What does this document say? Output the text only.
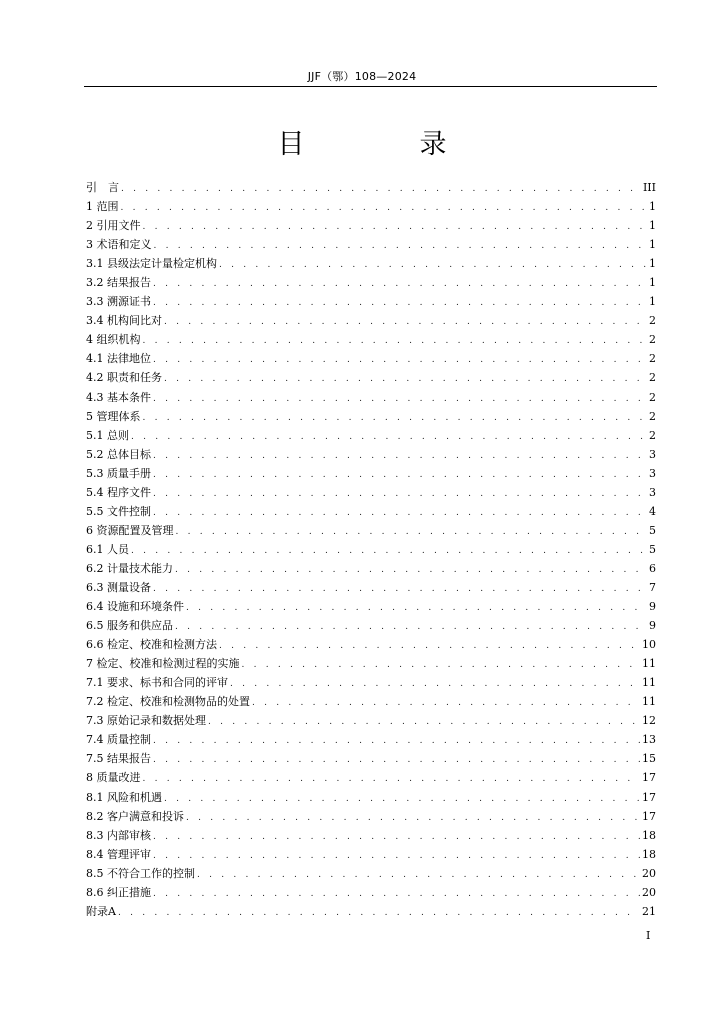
JJF（鄂）108—2024
目　录
引　言 . . .	III
1 范围 . . .	1
2 引用文件 . . .	1
3 术语和定义 . . .	1
3.1 县级法定计量检定机构 . . .	1
3.2 结果报告 . . .	1
3.3 溯源证书 . . .	1
3.4 机构间比对 . . .	2
4 组织机构 . . .	2
4.1 法律地位 . . .	2
4.2 职责和任务 . . .	2
4.3 基本条件 . . .	2
5 管理体系 . . .	2
5.1 总则 . . .	2
5.2 总体目标 . . .	3
5.3 质量手册 . . .	3
5.4 程序文件 . . .	3
5.5 文件控制 . . .	4
6 资源配置及管理 . . .	5
6.1 人员 . . .	5
6.2 计量技术能力 . . .	6
6.3 测量设备 . . .	7
6.4 设施和环境条件 . . .	9
6.5 服务和供应品 . . .	9
6.6 检定、校准和检测方法 . . .	10
7 检定、校准和检测过程的实施 . . .	11
7.1 要求、标书和合同的评审 . . .	11
7.2 检定、校准和检测物品的处置 . . .	11
7.3 原始记录和数据处理 . . .	12
7.4 质量控制 . . .	13
7.5 结果报告 . . .	15
8 质量改进 . . .	17
8.1 风险和机遇 . . .	17
8.2 客户满意和投诉 . . .	17
8.3 内部审核 . . .	18
8.4 管理评审 . . .	18
8.5 不符合工作的控制 . . .	20
8.6 纠正措施 . . .	20
附录A . . .	21
I
